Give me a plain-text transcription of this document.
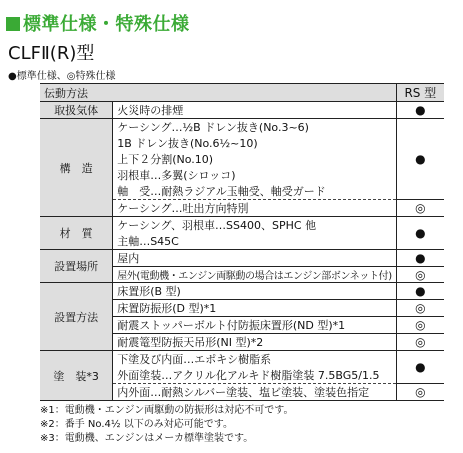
標準仕様・特殊仕様
CLFⅡ(R)型
●標準仕様、◎特殊仕様
伝動方法		RS 型
取扱気体	火災時の排煙	●
構　造	ケーシング…½B ドレン抜き(No.3~6)	●
	1B ドレン抜き(No.6½~10)	
	上下２分割(No.10)	
	羽根車…多翼(シロッコ)	
	軸　受…耐熱ラジアル玉軸受、軸受ガード	
	ケーシング…吐出方向特別	◎
材　質	ケーシング、羽根車…SS400、SPHC 他	●
	主軸…S45C	
設置場所	屋内	●
	屋外(電動機・エンジン両駆動の場合はエンジン部ボンネット付)	◎
設置方法	床置形(B 型)	●
	床置防振形(D 型)*1	◎
	耐震ストッパーボルト付防振床置形(ND 型)*1	◎
	耐震篭型防振天吊形(NI 型)*2	◎
塗　装*3	下塗及び内面…エポキシ樹脂系	●
	外面塗装…アクリル化アルキド樹脂塗装 7.5BG5/1.5	
	内外面…耐熱シルバー塗装、塩ビ塗装、塗装色指定	◎
※1：電動機・エンジン両駆動の防振形は対応不可です。
※2：番手 No.4½ 以下のみ対応可能です。
※3：電動機、エンジンはメーカ標準塗装です。
